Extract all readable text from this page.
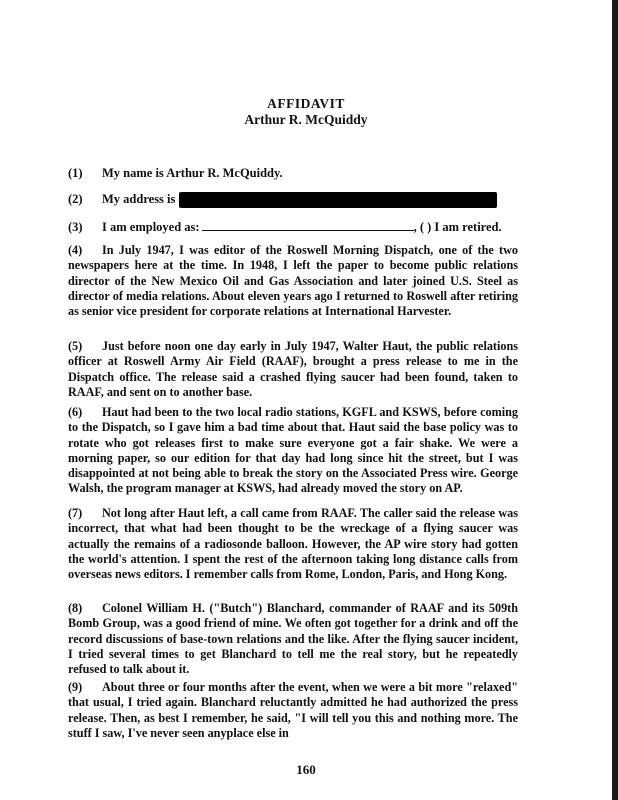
AFFIDAVIT
Arthur R. McQuiddy
(1) My name is Arthur R. McQuiddy.
(2) My address is
(3) I am employed as:	, ( ) I am retired.
(4) In July 1947, I was editor of the Roswell Morning Dispatch, one of the two newspapers here at the time. In 1948, I left the paper to become public relations director of the New Mexico Oil and Gas Association and later joined U.S. Steel as director of media relations. About eleven years ago I returned to Roswell after retiring as senior vice president for corporate relations at International Harvester.
(5) Just before noon one day early in July 1947, Walter Haut, the public relations officer at Roswell Army Air Field (RAAF), brought a press release to me in the Dispatch office. The release said a crashed flying saucer had been found, taken to RAAF, and sent on to another base.
(6) Haut had been to the two local radio stations, KGFL and KSWS, before coming to the Dispatch, so I gave him a bad time about that. Haut said the base policy was to rotate who got releases first to make sure everyone got a fair shake. We were a morning paper, so our edition for that day had long since hit the street, but I was disappointed at not being able to break the story on the Associated Press wire. George Walsh, the program manager at KSWS, had already moved the story on AP.
(7) Not long after Haut left, a call came from RAAF. The caller said the release was incorrect, that what had been thought to be the wreckage of a flying saucer was actually the remains of a radiosonde balloon. However, the AP wire story had gotten the world's attention. I spent the rest of the afternoon taking long distance calls from overseas news editors. I remember calls from Rome, London, Paris, and Hong Kong.
(8) Colonel William H. ("Butch") Blanchard, commander of RAAF and its 509th Bomb Group, was a good friend of mine. We often got together for a drink and off the record discussions of base-town relations and the like. After the flying saucer incident, I tried several times to get Blanchard to tell me the real story, but he repeatedly refused to talk about it.
(9) About three or four months after the event, when we were a bit more "relaxed" that usual, I tried again. Blanchard reluctantly admitted he had authorized the press release. Then, as best I remember, he said, "I will tell you this and nothing more. The stuff I saw, I've never seen anyplace else in
160
